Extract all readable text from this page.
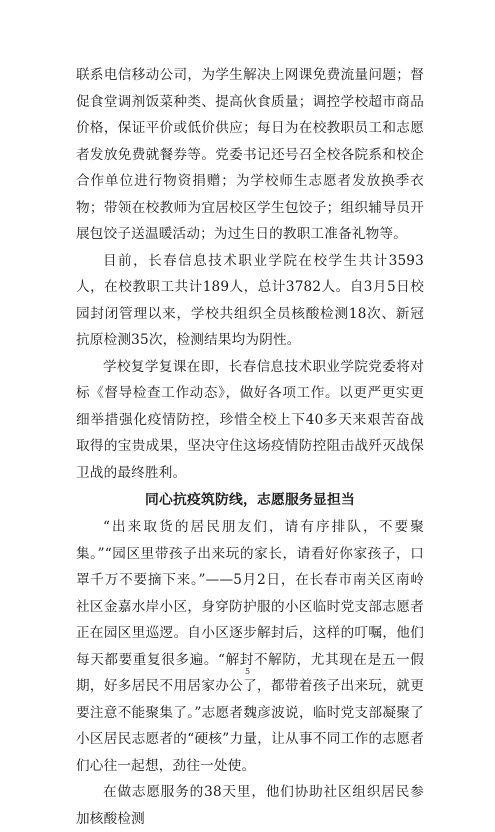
联系电信移动公司，为学生解决上网课免费流量问题；督促食堂调剂饭菜种类、提高伙食质量；调控学校超市商品价格，保证平价或低价供应；每日为在校教职员工和志愿者发放免费就餐券等。党委书记还号召全校各院系和校企合作单位进行物资捐赠；为学校师生志愿者发放换季衣物；带领在校教师为宜居校区学生包饺子；组织辅导员开展包饺子送温暖活动；为过生日的教职工准备礼物等。

目前，长春信息技术职业学院在校学生共计3593人，在校教职工共计189人，总计3782人。自3月5日校园封闭管理以来，学校共组织全员核酸检测18次、新冠抗原检测35次，检测结果均为阴性。

学校复学复课在即，长春信息技术职业学院党委将对标《督导检查工作动态》，做好各项工作。以更严更实更细举措强化疫情防控，珍惜全校上下40多天来艰苦奋战取得的宝贵成果，坚决守住这场疫情防控阻击战歼灭战保卫战的最终胜利。

同心抗疫筑防线，志愿服务显担当

“出来取货的居民朋友们，请有序排队，不要聚集。”“园区里带孩子出来玩的家长，请看好你家孩子，口罩千万不要摘下来。”——5月2日，在长春市南关区南岭社区金嘉水岸小区，身穿防护服的小区临时党支部志愿者正在园区里巡逻。自小区逐步解封后，这样的叮嘱，他们每天都要重复很多遍。“解封不解防，尤其现在是五一假期，好多居民不用居家办公了，都带着孩子出来玩，就更要注意不能聚集了。”志愿者魏彦波说，临时党支部凝聚了小区居民志愿者的“硬核”力量，让从事不同工作的志愿者们心往一起想，劲往一处使。

在做志愿服务的38天里，他们协助社区组织居民参加核酸检测

5
